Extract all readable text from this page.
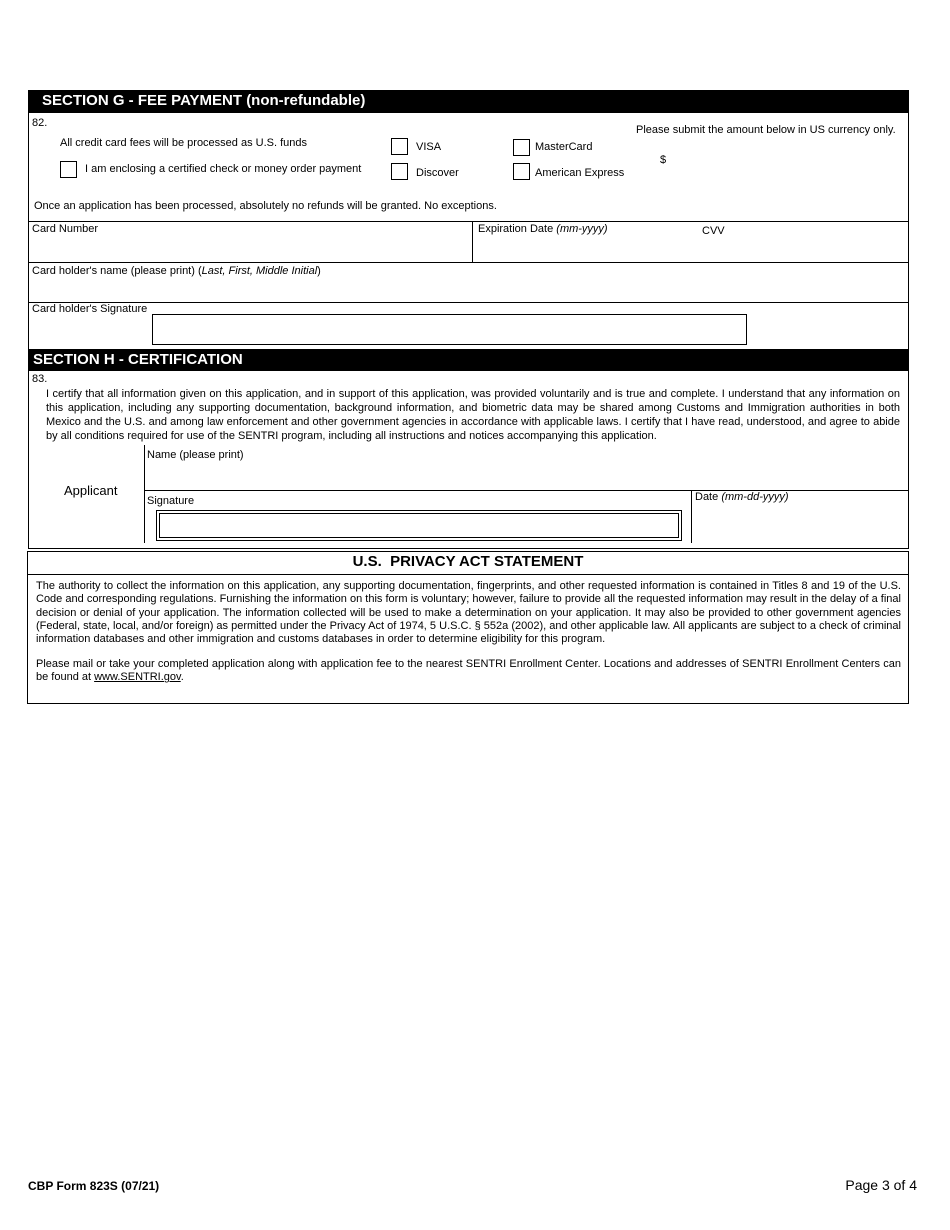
SECTION G - FEE PAYMENT (non-refundable)
82.
All credit card fees will be processed as U.S. funds
I am enclosing a certified check or money order payment
VISA
Discover
MasterCard
American Express
Please submit the amount below in US currency only.
$
Once an application has been processed, absolutely no refunds will be granted. No exceptions.
Card Number	Expiration Date (mm-yyyy)	CVV
Card holder's name (please print) (Last, First, Middle Initial)
Card holder's Signature
SECTION H - CERTIFICATION
83.
I certify that all information given on this application, and in support of this application, was provided voluntarily and is true and complete. I understand that any information on this application, including any supporting documentation, background information, and biometric data may be shared among Customs and Immigration authorities in both Mexico and the U.S. and among law enforcement and other government agencies in accordance with applicable laws. I certify that I have read, understood, and agree to abide by all conditions required for use of the SENTRI program, including all instructions and notices accompanying this application.
Name (please print)
Applicant
Signature	Date (mm-dd-yyyy)
U.S.  PRIVACY ACT STATEMENT
The authority to collect the information on this application, any supporting documentation, fingerprints, and other requested information is contained in Titles 8 and 19 of the U.S. Code and corresponding regulations. Furnishing the information on this form is voluntary; however, failure to provide all the requested information may result in the delay of a final decision or denial of your application. The information collected will be used to make a determination on your application. It may also be provided to other government agencies (Federal, state, local, and/or foreign) as permitted under the Privacy Act of 1974, 5 U.S.C. § 552a (2002), and other applicable law. All applicants are subject to a check of criminal information databases and other immigration and customs databases in order to determine eligibility for this program.
Please mail or take your completed application along with application fee to the nearest SENTRI Enrollment Center. Locations and addresses of SENTRI Enrollment Centers can be found at www.SENTRI.gov.
CBP Form 823S (07/21)	Page 3 of 4
